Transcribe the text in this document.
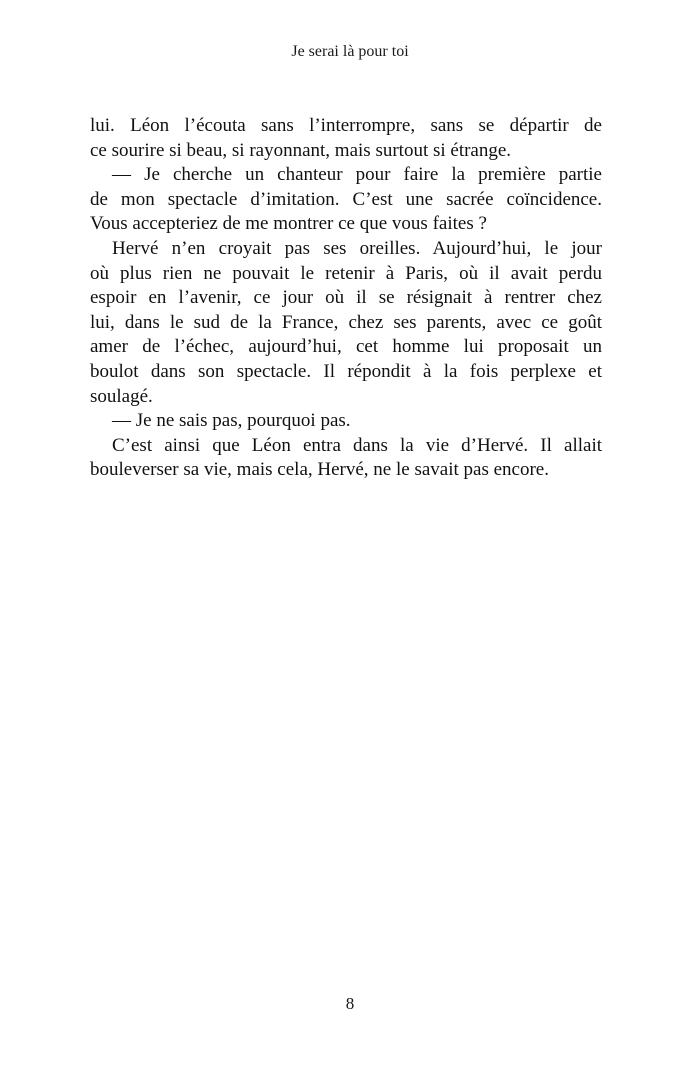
Je serai là pour toi
lui. Léon l’écouta sans l’interrompre, sans se départir de
ce sourire si beau, si rayonnant, mais surtout si étrange.
— Je cherche un chanteur pour faire la première partie
de mon spectacle d’imitation. C’est une sacrée coïncidence.
Vous accepteriez de me montrer ce que vous faites ?
Hervé n’en croyait pas ses oreilles. Aujourd’hui, le jour
où plus rien ne pouvait le retenir à Paris, où il avait perdu
espoir en l’avenir, ce jour où il se résignait à rentrer chez
lui, dans le sud de la France, chez ses parents, avec ce goût
amer de l’échec, aujourd’hui, cet homme lui proposait un
boulot dans son spectacle. Il répondit à la fois perplexe et
soulagé.
— Je ne sais pas, pourquoi pas.
C’est ainsi que Léon entra dans la vie d’Hervé. Il allait
bouleverser sa vie, mais cela, Hervé, ne le savait pas encore.
8
